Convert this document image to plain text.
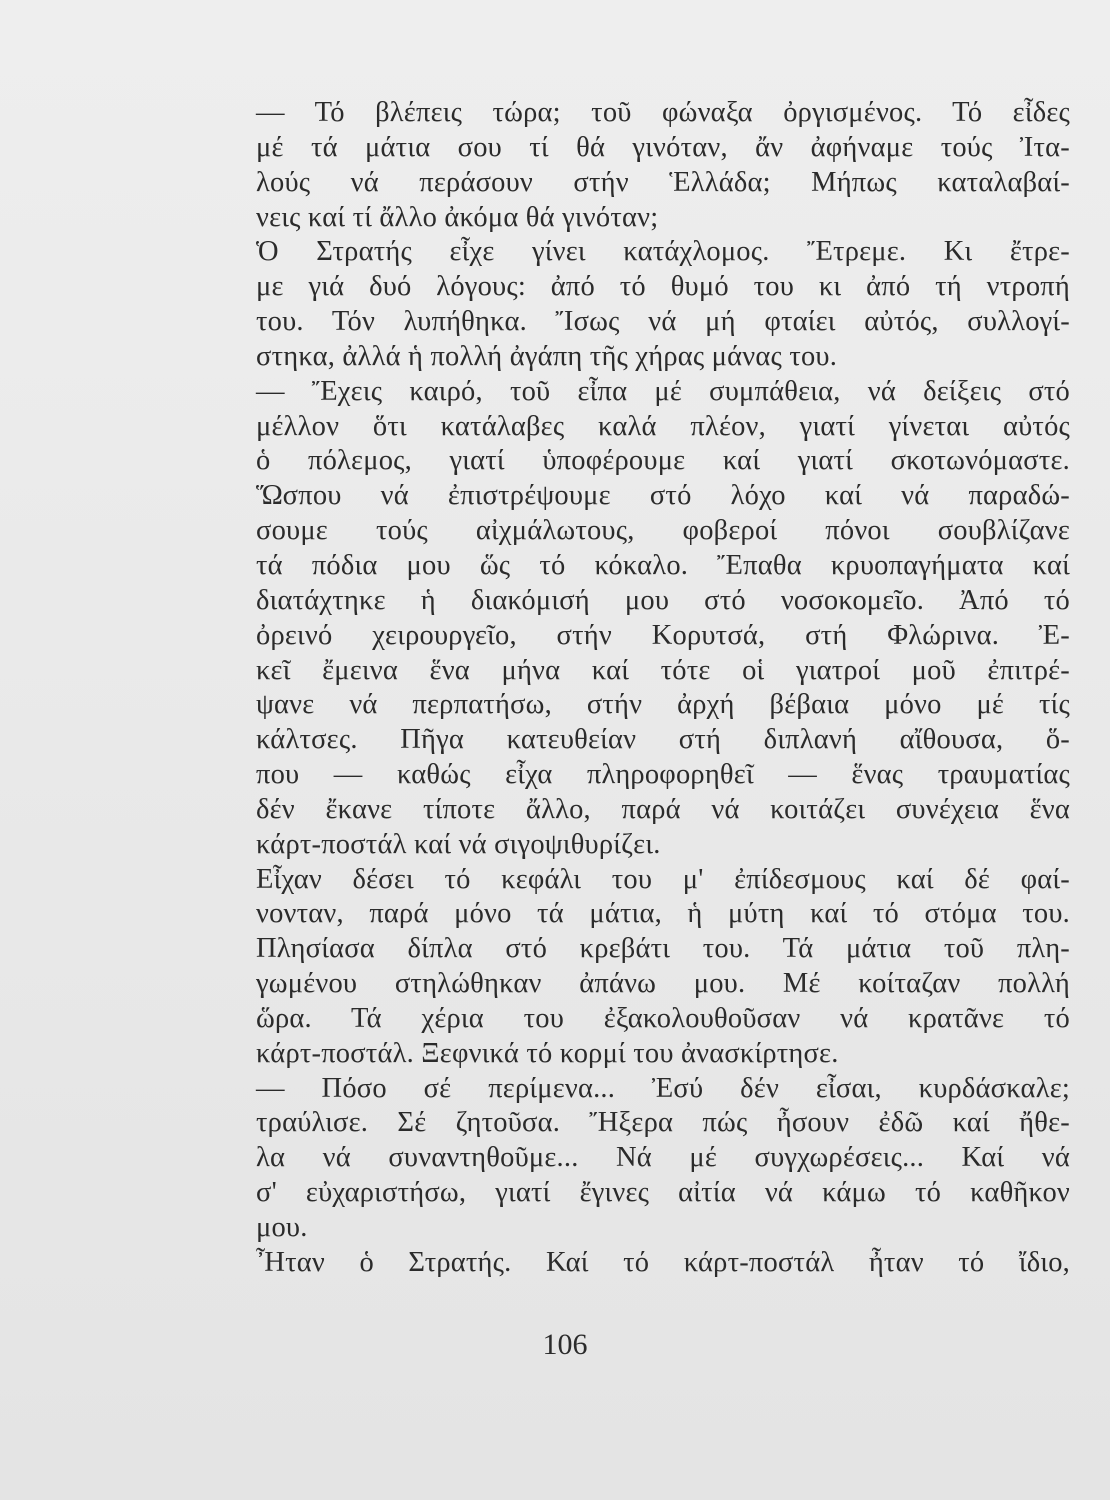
— Τό βλέπεις τώρα; τοῦ φώναξα ὀργισμένος. Τό εἶδες
μέ τά μάτια σου τί θά γινόταν, ἄν ἀφήναμε τούς Ἰτα-
λούς νά περάσουν στήν Ἑλλάδα; Μήπως καταλαβαί-
νεις καί τί ἄλλο ἀκόμα θά γινόταν;
Ὁ Στρατής εἶχε γίνει κατάχλομος. Ἔτρεμε. Κι ἔτρε-
με γιά δυό λόγους: ἀπό τό θυμό του κι ἀπό τή ντροπή
του. Τόν λυπήθηκα. Ἴσως νά μή φταίει αὐτός, συλλογί-
στηκα, ἀλλά ἡ πολλή ἀγάπη τῆς χήρας μάνας του.
— Ἔχεις καιρό, τοῦ εἶπα μέ συμπάθεια, νά δείξεις στό
μέλλον ὅτι κατάλαβες καλά πλέον, γιατί γίνεται αὐτός
ὁ πόλεμος, γιατί ὑποφέρουμε καί γιατί σκοτωνόμαστε.
Ὥσπου νά ἐπιστρέψουμε στό λόχο καί νά παραδώ-
σουμε τούς αἰχμάλωτους, φοβεροί πόνοι σουβλίζανε
τά πόδια μου ὥς τό κόκαλο. Ἔπαθα κρυοπαγήματα καί
διατάχτηκε ἡ διακόμισή μου στό νοσοκομεῖο. Ἀπό τό
ὀρεινό χειρουργεῖο, στήν Κορυτσά, στή Φλώρινα. Ἐ-
κεῖ ἔμεινα ἕνα μήνα καί τότε οἱ γιατροί μοῦ ἐπιτρέ-
ψανε νά περπατήσω, στήν ἀρχή βέβαια μόνο μέ τίς
κάλτσες. Πῆγα κατευθείαν στή διπλανή αἴθουσα, ὅ-
που — καθώς εἶχα πληροφορηθεῖ — ἕνας τραυματίας
δέν ἔκανε τίποτε ἄλλο, παρά νά κοιτάζει συνέχεια ἕνα
κάρτ-ποστάλ καί νά σιγοψιθυρίζει.
Εἶχαν δέσει τό κεφάλι του μ' ἐπίδεσμους καί δέ φαί-
νονταν, παρά μόνο τά μάτια, ἡ μύτη καί τό στόμα του.
Πλησίασα δίπλα στό κρεβάτι του. Τά μάτια τοῦ πλη-
γωμένου στηλώθηκαν ἀπάνω μου. Μέ κοίταζαν πολλή
ὥρα. Τά χέρια του ἐξακολουθοῦσαν νά κρατᾶνε τό
κάρτ-ποστάλ. Ξεφνικά τό κορμί του ἀνασκίρτησε.
— Πόσο σέ περίμενα... Ἐσύ δέν εἶσαι, κυρδάσκαλε;
τραύλισε. Σέ ζητοῦσα. Ἤξερα πώς ἦσουν ἐδῶ καί ἤθε-
λα νά συναντηθοῦμε... Νά μέ συγχωρέσεις... Καί νά
σ' εὐχαριστήσω, γιατί ἔγινες αἰτία νά κάμω τό καθῆκον
μου.
Ἦταν ὁ Στρατής. Καί τό κάρτ-ποστάλ ἦταν τό ἴδιο,
106
